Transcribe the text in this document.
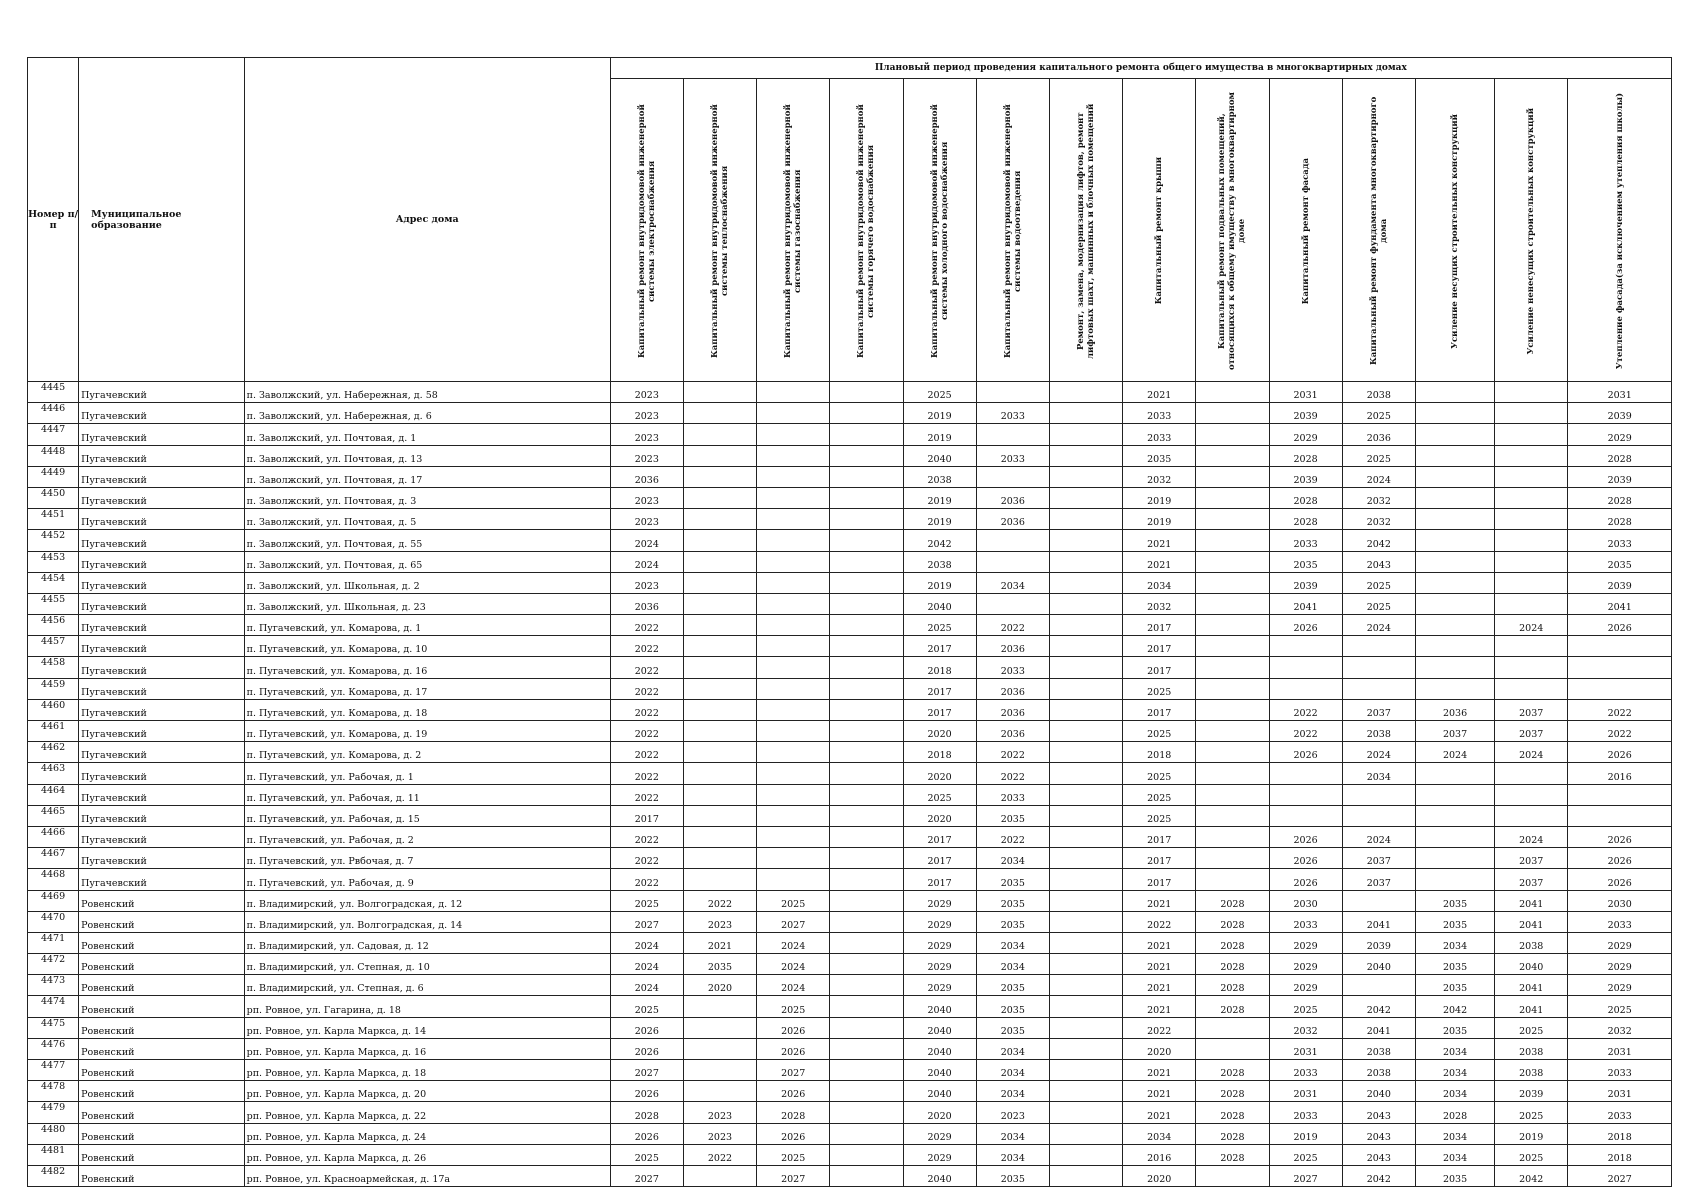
Номер п/п	Муниципальное образование	Адрес дома	Плановый период проведения капитального ремонта общего имущества в многоквартирных домах													

			Капитальный ремонт внутридомовой инженерной системы электроснабжения	Капитальный ремонт внутридомовой инженерной системы теплоснабжения	Капитальный ремонт внутридомовой инженерной системы газоснабжения	Капитальный ремонт внутридомовой инженерной системы горячего водоснабжения	Капитальный ремонт внутридомовой инженерной системы холодного водоснабжения	Капитальный ремонт внутридомовой инженерной системы водоотведения	Ремонт, замена, модернизация лифтов, ремонт лифтовых шахт, машинных и блочных помещений	Капитальный ремонт крыши	Капитальный ремонт подвальных помещений, относящихся к общему имуществу в многоквартирном доме	Капитальный ремонт фасада	Капитальный ремонт фундамента многоквартирного дома	Усиление несущих строительных конструкций	Усиление ненесущих строительных конструкций	Утепление фасада(за исключением утепления школы)

4445	Пугачевский	п. Заволжский, ул. Набережная, д. 58	2023				2025			2021		2031	2038			2031
4446	Пугачевский	п. Заволжский, ул. Набережная, д. 6	2023				2019	2033		2033		2039	2025			2039
4447	Пугачевский	п. Заволжский, ул. Почтовая, д. 1	2023				2019			2033		2029	2036			2029
4448	Пугачевский	п. Заволжский, ул. Почтовая, д. 13	2023				2040	2033		2035		2028	2025			2028
4449	Пугачевский	п. Заволжский, ул. Почтовая, д. 17	2036				2038			2032		2039	2024			2039
4450	Пугачевский	п. Заволжский, ул. Почтовая, д. 3	2023				2019	2036		2019		2028	2032			2028
4451	Пугачевский	п. Заволжский, ул. Почтовая, д. 5	2023				2019	2036		2019		2028	2032			2028
4452	Пугачевский	п. Заволжский, ул. Почтовая, д. 55	2024				2042			2021		2033	2042			2033
4453	Пугачевский	п. Заволжский, ул. Почтовая, д. 65	2024				2038			2021		2035	2043			2035
4454	Пугачевский	п. Заволжский, ул. Школьная, д. 2	2023				2019	2034		2034		2039	2025			2039
4455	Пугачевский	п. Заволжский, ул. Школьная, д. 23	2036				2040			2032		2041	2025			2041
4456	Пугачевский	п. Пугачевский, ул. Комарова, д. 1	2022				2025	2022		2017		2026	2024		2024	2026
4457	Пугачевский	п. Пугачевский, ул. Комарова, д. 10	2022				2017	2036		2017						
4458	Пугачевский	п. Пугачевский, ул. Комарова, д. 16	2022				2018	2033		2017						
4459	Пугачевский	п. Пугачевский, ул. Комарова, д. 17	2022				2017	2036		2025						
4460	Пугачевский	п. Пугачевский, ул. Комарова, д. 18	2022				2017	2036		2017		2022	2037	2036	2037	2022
4461	Пугачевский	п. Пугачевский, ул. Комарова, д. 19	2022				2020	2036		2025		2022	2038	2037	2037	2022
4462	Пугачевский	п. Пугачевский, ул. Комарова, д. 2	2022				2018	2022		2018		2026	2024	2024	2024	2026
4463	Пугачевский	п. Пугачевский, ул. Рабочая, д. 1	2022				2020	2022		2025			2034			2016
4464	Пугачевский	п. Пугачевский, ул. Рабочая, д. 11	2022				2025	2033		2025						
4465	Пугачевский	п. Пугачевский, ул. Рабочая, д. 15	2017				2020	2035		2025						
4466	Пугачевский	п. Пугачевский, ул. Рабочая, д. 2	2022				2017	2022		2017		2026	2024		2024	2026
4467	Пугачевский	п. Пугачевский, ул. Рвбочая, д. 7	2022				2017	2034		2017		2026	2037		2037	2026
4468	Пугачевский	п. Пугачевский, ул. Рабочая, д. 9	2022				2017	2035		2017		2026	2037		2037	2026
4469	Ровенский	п. Владимирский, ул. Волгоградская, д. 12	2025	2022	2025		2029	2035		2021	2028	2030		2035	2041	2030
4470	Ровенский	п. Владимирский, ул. Волгоградская, д. 14	2027	2023	2027		2029	2035		2022	2028	2033	2041	2035	2041	2033
4471	Ровенский	п. Владимирский, ул. Садовая, д. 12	2024	2021	2024		2029	2034		2021	2028	2029	2039	2034	2038	2029
4472	Ровенский	п. Владимирский, ул. Степная, д. 10	2024	2035	2024		2029	2034		2021	2028	2029	2040	2035	2040	2029
4473	Ровенский	п. Владимирский, ул. Степная, д. 6	2024	2020	2024		2029	2035		2021	2028	2029		2035	2041	2029
4474	Ровенский	рп. Ровное, ул. Гагарина, д. 18	2025		2025		2040	2035		2021	2028	2025	2042	2042	2041	2025
4475	Ровенский	рп. Ровное, ул. Карла Маркса, д. 14	2026		2026		2040	2035		2022		2032	2041	2035	2025	2032
4476	Ровенский	рп. Ровное, ул. Карла Маркса, д. 16	2026		2026		2040	2034		2020		2031	2038	2034	2038	2031
4477	Ровенский	рп. Ровное, ул. Карла Маркса, д. 18	2027		2027		2040	2034		2021	2028	2033	2038	2034	2038	2033
4478	Ровенский	рп. Ровное, ул. Карла Маркса, д. 20	2026		2026		2040	2034		2021	2028	2031	2040	2034	2039	2031
4479	Ровенский	рп. Ровное, ул. Карла Маркса, д. 22	2028	2023	2028		2020	2023		2021	2028	2033	2043	2028	2025	2033
4480	Ровенский	рп. Ровное, ул. Карла Маркса, д. 24	2026	2023	2026		2029	2034		2034	2028	2019	2043	2034	2019	2018
4481	Ровенский	рп. Ровное, ул. Карла Маркса, д. 26	2025	2022	2025		2029	2034		2016	2028	2025	2043	2034	2025	2018
4482	Ровенский	рп. Ровное, ул. Красноармейская, д. 17а	2027		2027		2040	2035		2020		2027	2042	2035	2042	2027
